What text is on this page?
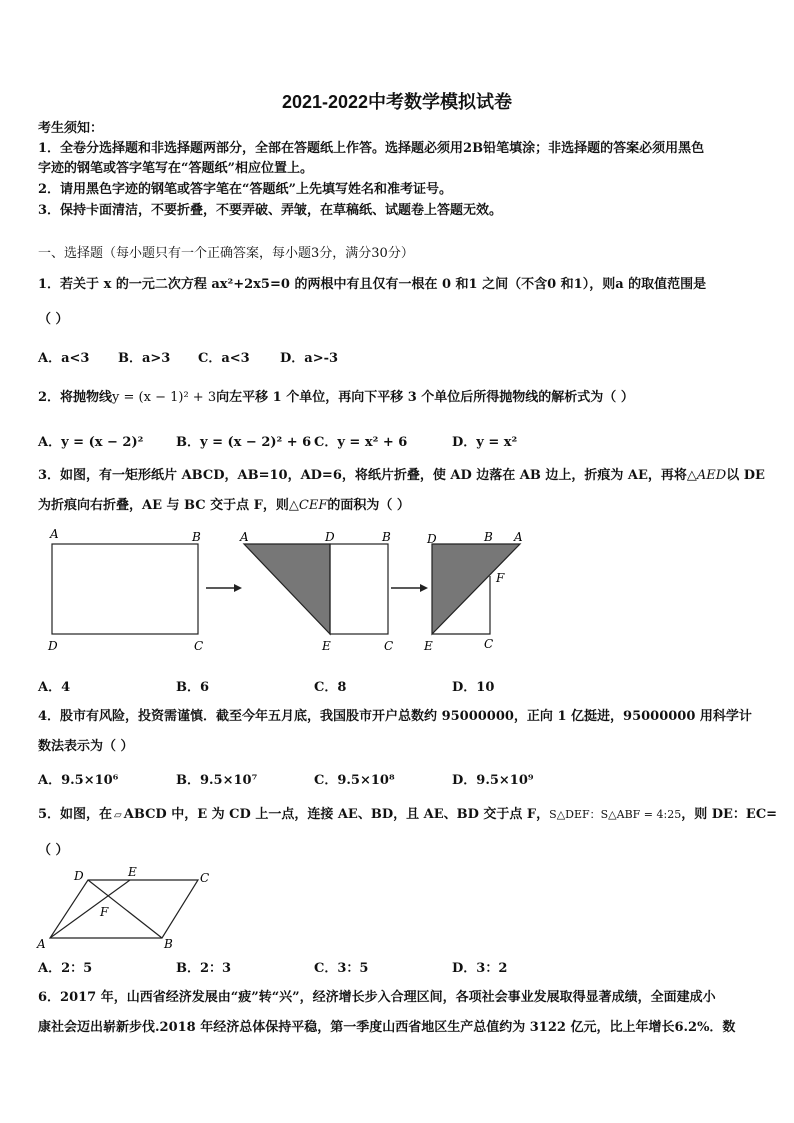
2021-2022中考数学模拟试卷
考生须知：
1．全卷分选择题和非选择题两部分，全部在答题纸上作答。选择题必须用2B铅笔填涂；非选择题的答案必须用黑色
字迹的钢笔或答字笔写在“答题纸”相应位置上。
2．请用黑色字迹的钢笔或答字笔在“答题纸”上先填写姓名和准考证号。
3．保持卡面清洁，不要折叠，不要弄破、弄皱，在草稿纸、试题卷上答题无效。
一、选择题（每小题只有一个正确答案，每小题3分，满分30分）
1．若关于 x 的一元二次方程 ax²+2x5=0 的两根中有且仅有一根在 0 和1 之间（不含0 和1），则a 的取值范围是
（ ）
A．a<3 B．a>3 C．a<3 D．a>-3
2．将抛物线y = (x − 1)² + 3向左平移 1 个单位，再向下平移 3 个单位后所得抛物线的解析式为（ ）
A．y = (x − 2)²	B．y = (x − 2)² + 6 C．y = x² + 6	D．y = x²
3．如图，有一矩形纸片 ABCD，AB=10，AD=6，将纸片折叠，使 AD 边落在 AB 边上，折痕为 AE，再将△AED以 DE
为折痕向右折叠，AE 与 BC 交于点 F，则△CEF的面积为（ ）
A	B
D	C
A	D	B
E	C
D	B A
F
E	C
A．4	B．6	C．8	D．10
4．股市有风险，投资需谨慎．截至今年五月底，我国股市开户总数约 95000000，正向 1 亿挺进，95000000 用科学计
数法表示为（ ）
A．9.5×10⁶	B．9.5×10⁷	C．9.5×10⁸	D．9.5×10⁹
5．如图，在 ▱ ABCD 中，E 为 CD 上一点，连接 AE、BD，且 AE、BD 交于点 F，S△DEF：S△ABF = 4:25，则 DE：EC=
（ ）
D	E	C
F
A	B
A．2：5	B．2：3	C．3：5	D．3：2
6．2017 年，山西省经济发展由“疲”转“兴”，经济增长步入合理区间，各项社会事业发展取得显著成绩，全面建成小
康社会迈出崭新步伐.2018 年经济总体保持平稳，第一季度山西省地区生产总值约为 3122 亿元，比上年增长6.2%．数
